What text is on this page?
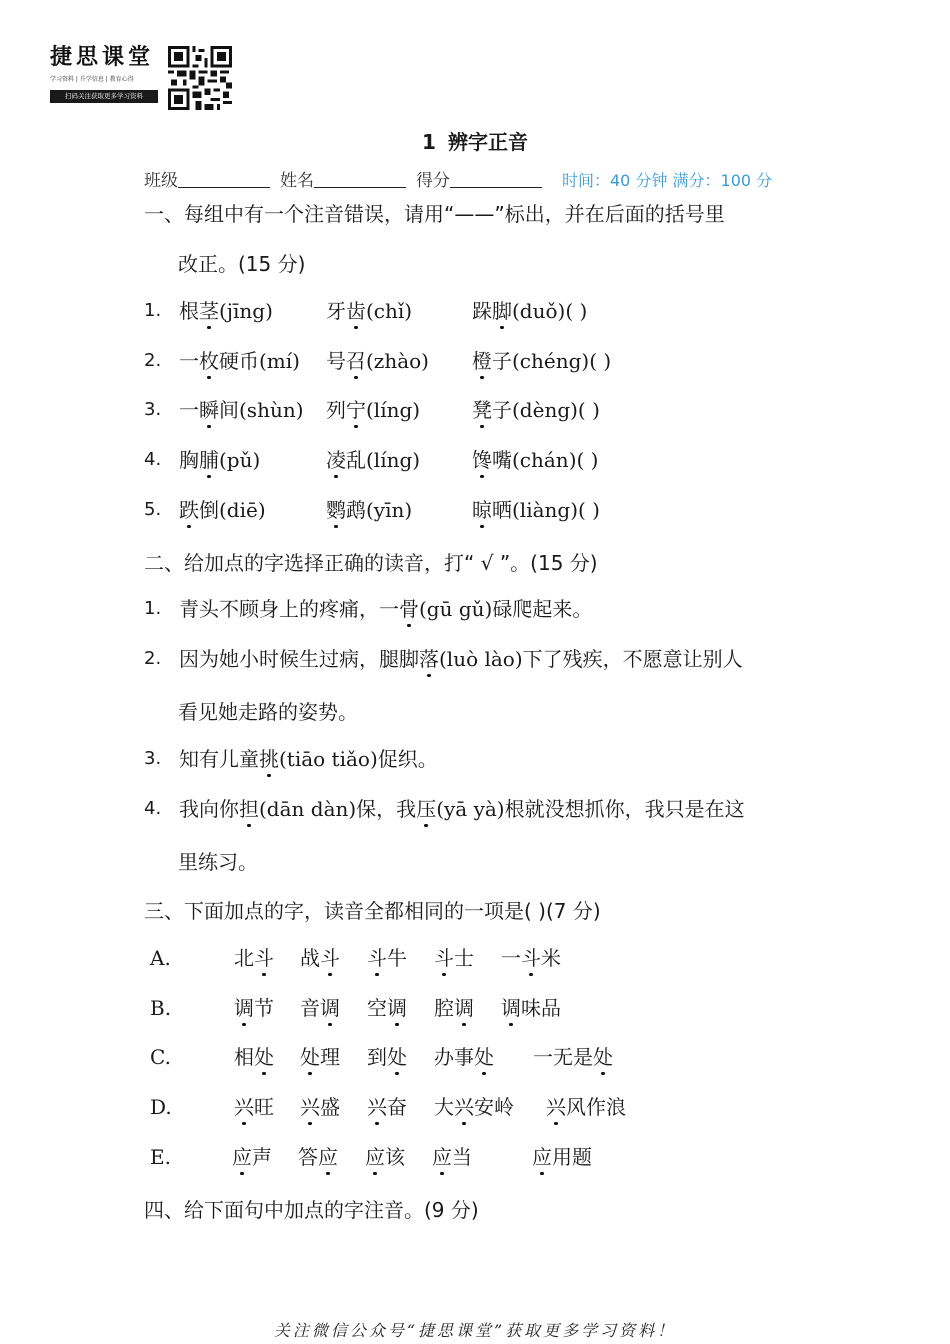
捷思课堂
学习资料 | 升学信息 | 教育心得
扫码关注获取更多学习资料
1 辨字正音
班级	姓名	得分	时间：40 分钟 满分：100 分
一、每组中有一个注音错误，请用“——”标出，并在后面的括号里
改正。(15 分)
1. 根茎(jīng)	牙齿(chǐ)	跺脚(duǒ)( )
2. 一枚硬币(mí) 号召(zhào) 橙子(chéng)( )
3. 一瞬间(shùn) 列宁(líng)	凳子(dèng)( )
4. 胸脯(pǔ)	凌乱(líng)	馋嘴(chán)( )
5. 跌倒(diē)	鹦鹉(yīn)	晾晒(liàng)( )
二、给加点的字选择正确的读音，打“ √ ”。(15 分)
1. 青头不顾身上的疼痛，一骨(gū gǔ)碌爬起来。
2. 因为她小时候生过病，腿脚落(luò lào)下了残疾，不愿意让别人
看见她走路的姿势。
3. 知有儿童挑(tiāo tiǎo)促织。
4. 我向你担(dān dàn)保，我压(yā yà)根就没想抓你，我只是在这
里练习。
三、下面加点的字，读音全都相同的一项是( )(7 分)
A.	北斗 战斗 斗牛 斗士 一斗米
B.	调节 音调 空调 腔调 调味品
C.	相处 处理 到处 办事处 一无是处
D.	兴旺 兴盛 兴奋 大兴安岭 兴风作浪
E.	应声 答应 应该 应当	应用题
四、给下面句中加点的字注音。(9 分)
关注微信公众号“捷思课堂”获取更多学习资料！
